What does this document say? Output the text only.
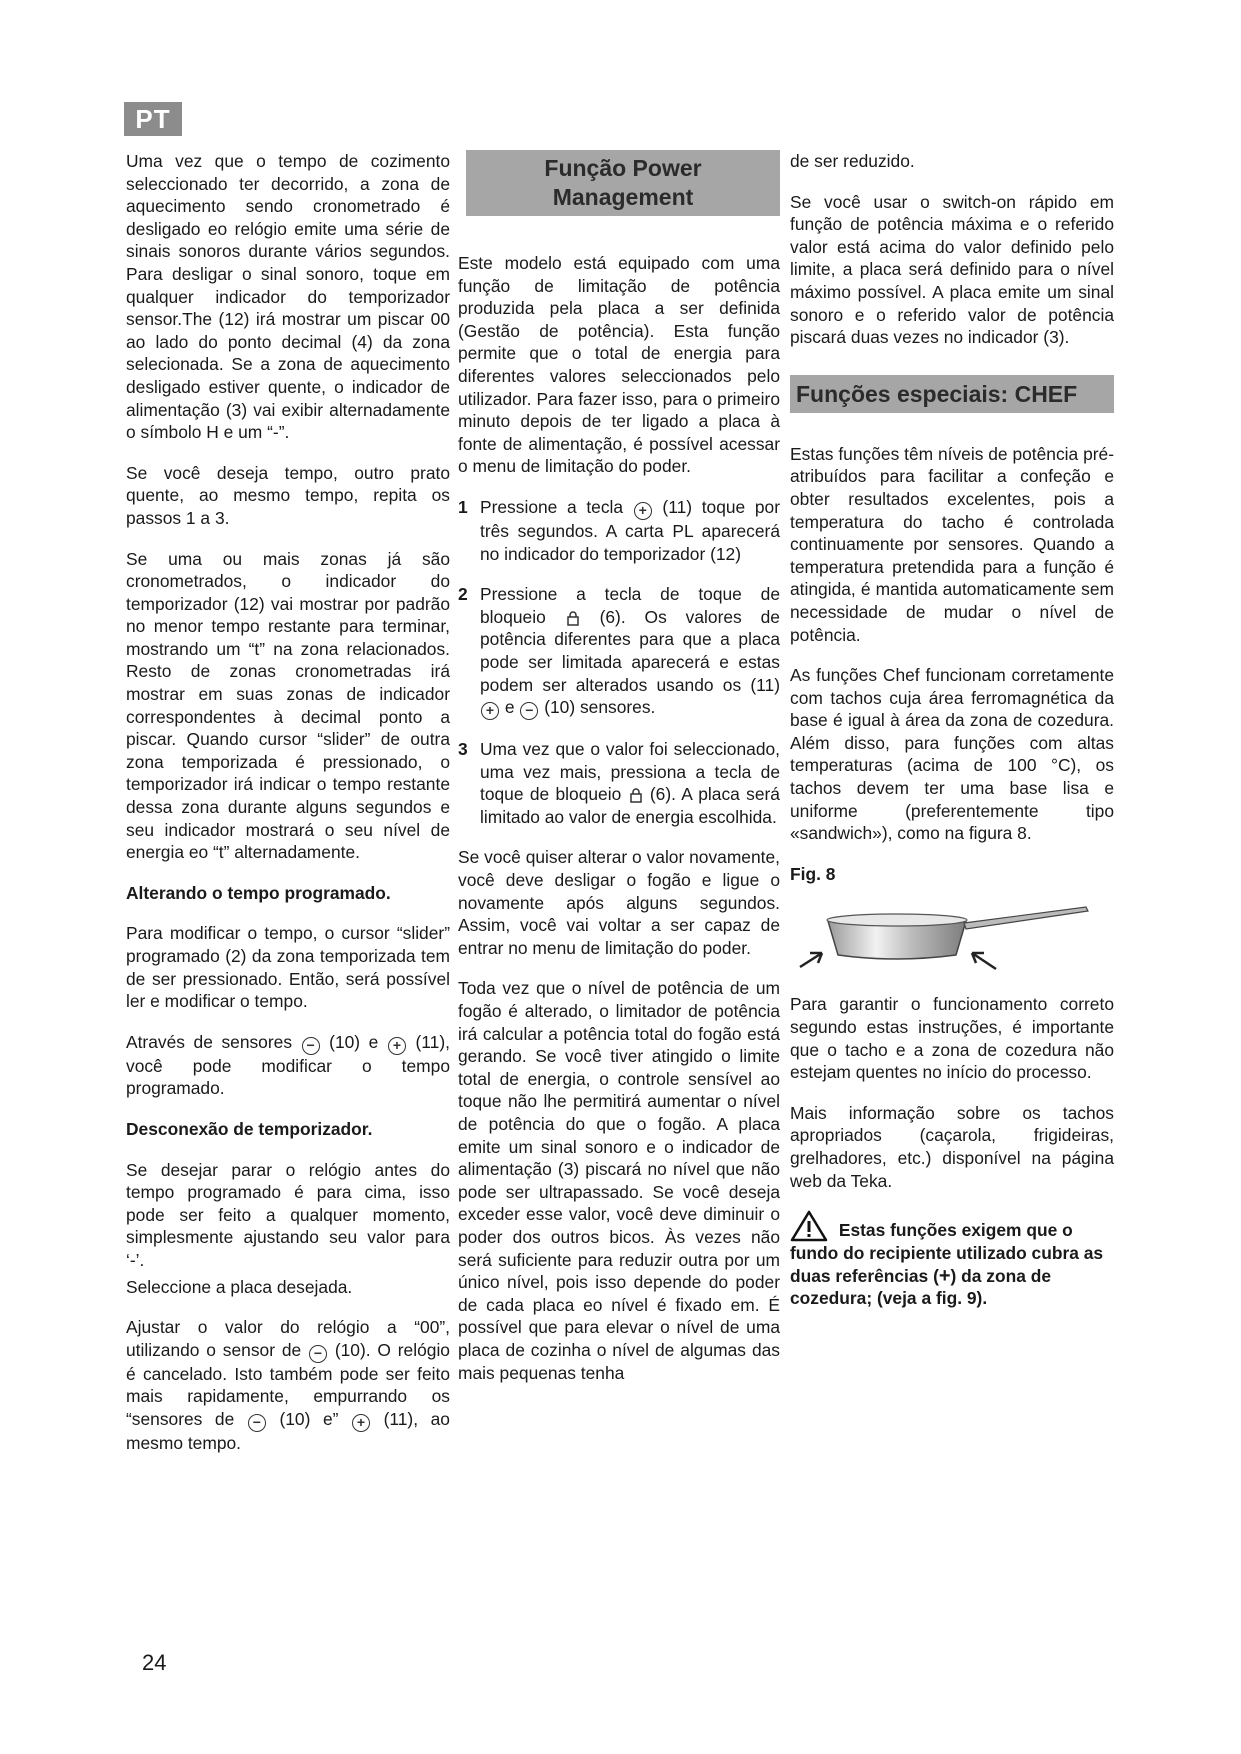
PT

Uma vez que o tempo de cozimento seleccionado ter decorrido, a zona de aquecimento sendo cronometrado é desligado eo relógio emite uma série de sinais sonoros durante vários segundos. Para desligar o sinal sonoro, toque em qualquer indicador do temporizador sensor.The (12) irá mostrar um piscar 00 ao lado do ponto decimal (4) da zona selecionada. Se a zona de aquecimento desligado estiver quente, o indicador de alimentação (3) vai exibir alternadamente o símbolo H e um “-”.

Se você deseja tempo, outro prato quente, ao mesmo tempo, repita os passos 1 a 3.

Se uma ou mais zonas já são cronometrados, o indicador do temporizador (12) vai mostrar por padrão no menor tempo restante para terminar, mostrando um “t” na zona relacionados. Resto de zonas cronometradas irá mostrar em suas zonas de indicador correspondentes à decimal ponto a piscar. Quando cursor “slider” de outra zona temporizada é pressionado, o temporizador irá indicar o tempo restante dessa zona durante alguns segundos e seu indicador mostrará o seu nível de energia eo “t” alternadamente.

Alterando o tempo programado.

Para modificar o tempo, o cursor “slider” programado (2) da zona temporizada tem de ser pressionado. Então, será possível ler e modificar o tempo.

Através de sensores − (10) e + (11), você pode modificar o tempo programado.

Desconexão de temporizador.

Se desejar parar o relógio antes do tempo programado é para cima, isso pode ser feito a qualquer momento, simplesmente ajustando seu valor para ‘-’.

Seleccione a placa desejada.

Ajustar o valor do relógio a “00”, utilizando o sensor de − (10). O relógio é cancelado. Isto também pode ser feito mais rapidamente, empurrando os “sensores de − (10) e” + (11), ao mesmo tempo.

Função Power Management

Este modelo está equipado com uma função de limitação de potência produzida pela placa a ser definida (Gestão de potência). Esta função permite que o total de energia para diferentes valores seleccionados pelo utilizador. Para fazer isso, para o primeiro minuto depois de ter ligado a placa à fonte de alimentação, é possível acessar o menu de limitação do poder.

1 Pressione a tecla + (11) toque por três segundos. A carta PL aparecerá no indicador do temporizador (12)
2 Pressione a tecla de toque de bloqueio	(6). Os valores de potência diferentes para que a placa pode ser limitada aparecerá e estas podem ser alterados usando os (11) + e − (10) sensores.
3 Uma vez que o valor foi seleccionado, uma vez mais, pressiona a tecla de toque de bloqueio (6). A placa será limitado ao valor de energia escolhida.

Se você quiser alterar o valor novamente, você deve desligar o fogão e ligue o novamente após alguns segundos. Assim, você vai voltar a ser capaz de entrar no menu de limitação do poder.

Toda vez que o nível de potência de um fogão é alterado, o limitador de potência irá calcular a potência total do fogão está gerando. Se você tiver atingido o limite total de energia, o controle sensível ao toque não lhe permitirá aumentar o nível de potência do que o fogão. A placa emite um sinal sonoro e o indicador de alimentação (3) piscará no nível que não pode ser ultrapassado. Se você deseja exceder esse valor, você deve diminuir o poder dos outros bicos. Às vezes não será suficiente para reduzir outra por um único nível, pois isso depende do poder de cada placa eo nível é fixado em. É possível que para elevar o nível de uma placa de cozinha o nível de algumas das mais pequenas tenha

de ser reduzido.

Se você usar o switch-on rápido em função de potência máxima e o referido valor está acima do valor definido pelo limite, a placa será definido para o nível máximo possível. A placa emite um sinal sonoro e o referido valor de potência piscará duas vezes no indicador (3).

Funções especiais: CHEF

Estas funções têm níveis de potência pré-atribuídos para facilitar a confeção e obter resultados excelentes, pois a temperatura do tacho é controlada continuamente por sensores. Quando a temperatura pretendida para a função é atingida, é mantida automaticamente sem necessidade de mudar o nível de potência.

As funções Chef funcionam corretamente com tachos cuja área ferromagnética da base é igual à área da zona de cozedura. Além disso, para funções com altas temperaturas (acima de 100 °C), os tachos devem ter uma base lisa e uniforme (preferentemente tipo «sandwich»), como na figura 8.

Fig. 8

Para garantir o funcionamento correto segundo estas instruções, é importante que o tacho e a zona de cozedura não estejam quentes no início do processo.

Mais informação sobre os tachos apropriados (caçarola, frigideiras, grelhadores, etc.) disponível na página web da Teka.

Estas funções exigem que o fundo do recipiente utilizado cubra as duas referências (+) da zona de cozedura; (veja a fig. 9).

24
